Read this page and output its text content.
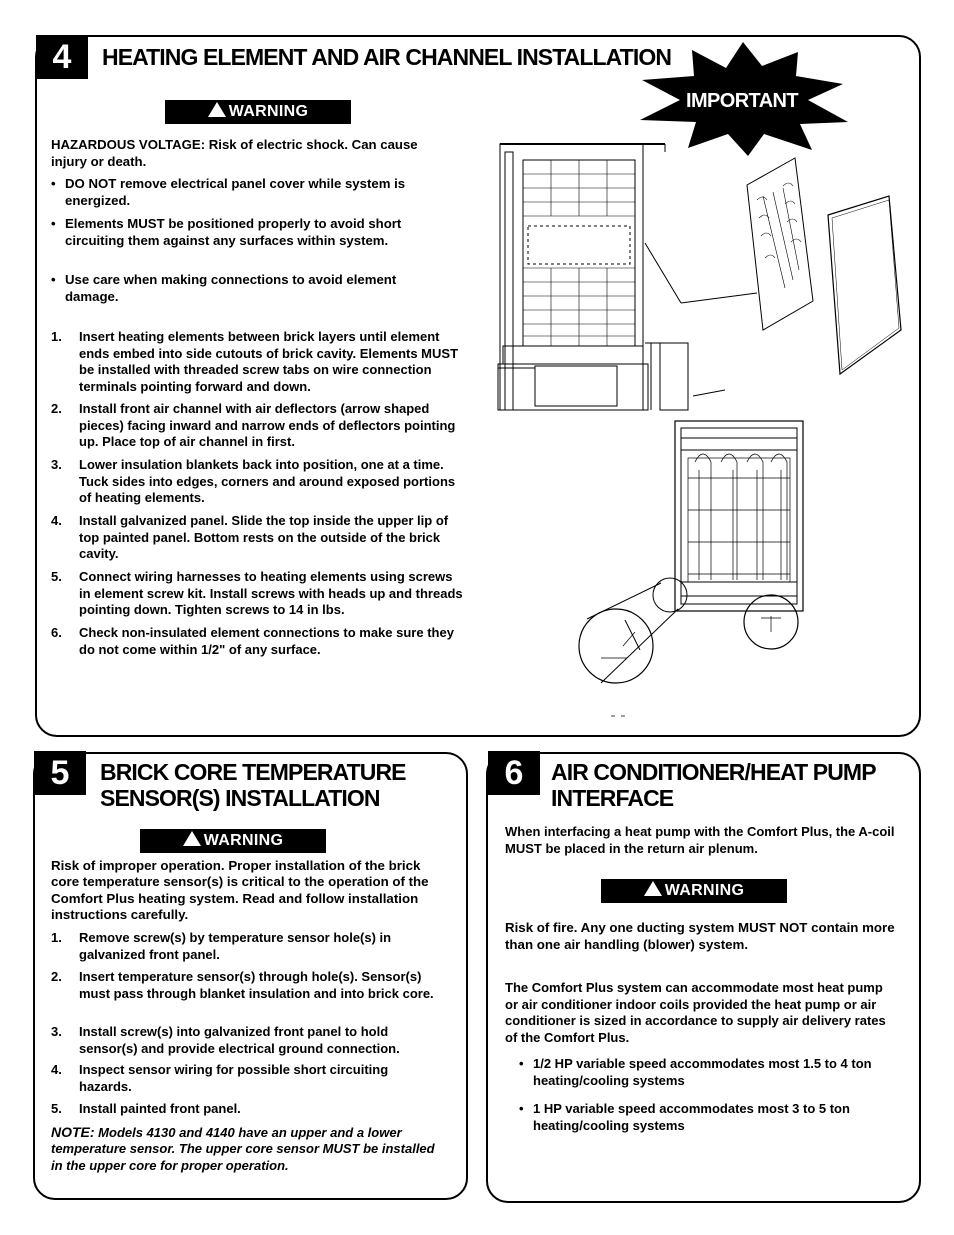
4	HEATING ELEMENT AND AIR CHANNEL INSTALLATION
IMPORTANT
WARNING
HAZARDOUS VOLTAGE: Risk of electric shock. Can cause injury or death.
• DO NOT remove electrical panel cover while system is energized.
• Elements MUST be positioned properly to avoid short circuiting them against any surfaces within system.
• Use care when making connections to avoid element damage.
1. Insert heating elements between brick layers until element ends embed into side cutouts of brick cavity. Elements MUST be installed with threaded screw tabs on wire connection terminals pointing forward and down.
2. Install front air channel with air deflectors (arrow shaped pieces) facing inward and narrow ends of deflectors pointing up. Place top of air channel in first.
3. Lower insulation blankets back into position, one at a time. Tuck sides into edges, corners and around exposed portions of heating elements.
4. Install galvanized panel. Slide the top inside the upper lip of top painted panel. Bottom rests on the outside of the brick cavity.
5. Connect wiring harnesses to heating elements using screws in element screw kit. Install screws with heads up and threads pointing down. Tighten screws to 14 in lbs.
6. Check non-insulated element connections to make sure they do not come within 1/2" of any surface.
5	BRICK CORE TEMPERATURE
SENSOR(S) INSTALLATION
WARNING
Risk of improper operation. Proper installation of the brick core temperature sensor(s) is critical to the operation of the Comfort Plus heating system. Read and follow installation instructions carefully.
1. Remove screw(s) by temperature sensor hole(s) in galvanized front panel.
2. Insert temperature sensor(s) through hole(s). Sensor(s) must pass through blanket insulation and into brick core.
3. Install screw(s) into galvanized front panel to hold sensor(s) and provide electrical ground connection.
4. Inspect sensor wiring for possible short circuiting hazards.
5. Install painted front panel.
NOTE: Models 4130 and 4140 have an upper and a lower temperature sensor. The upper core sensor MUST be installed in the upper core for proper operation.
6	AIR CONDITIONER/HEAT PUMP
INTERFACE
When interfacing a heat pump with the Comfort Plus, the A-coil MUST be placed in the return air plenum.
WARNING
Risk of fire. Any one ducting system MUST NOT contain more than one air handling (blower) system.
The Comfort Plus system can accommodate most heat pump or air conditioner indoor coils provided the heat pump or air conditioner is sized in accordance to supply air delivery rates of the Comfort Plus.
• 1/2 HP variable speed accommodates most 1.5 to 4 ton heating/cooling systems
• 1 HP variable speed accommodates most 3 to 5 ton heating/cooling systems
